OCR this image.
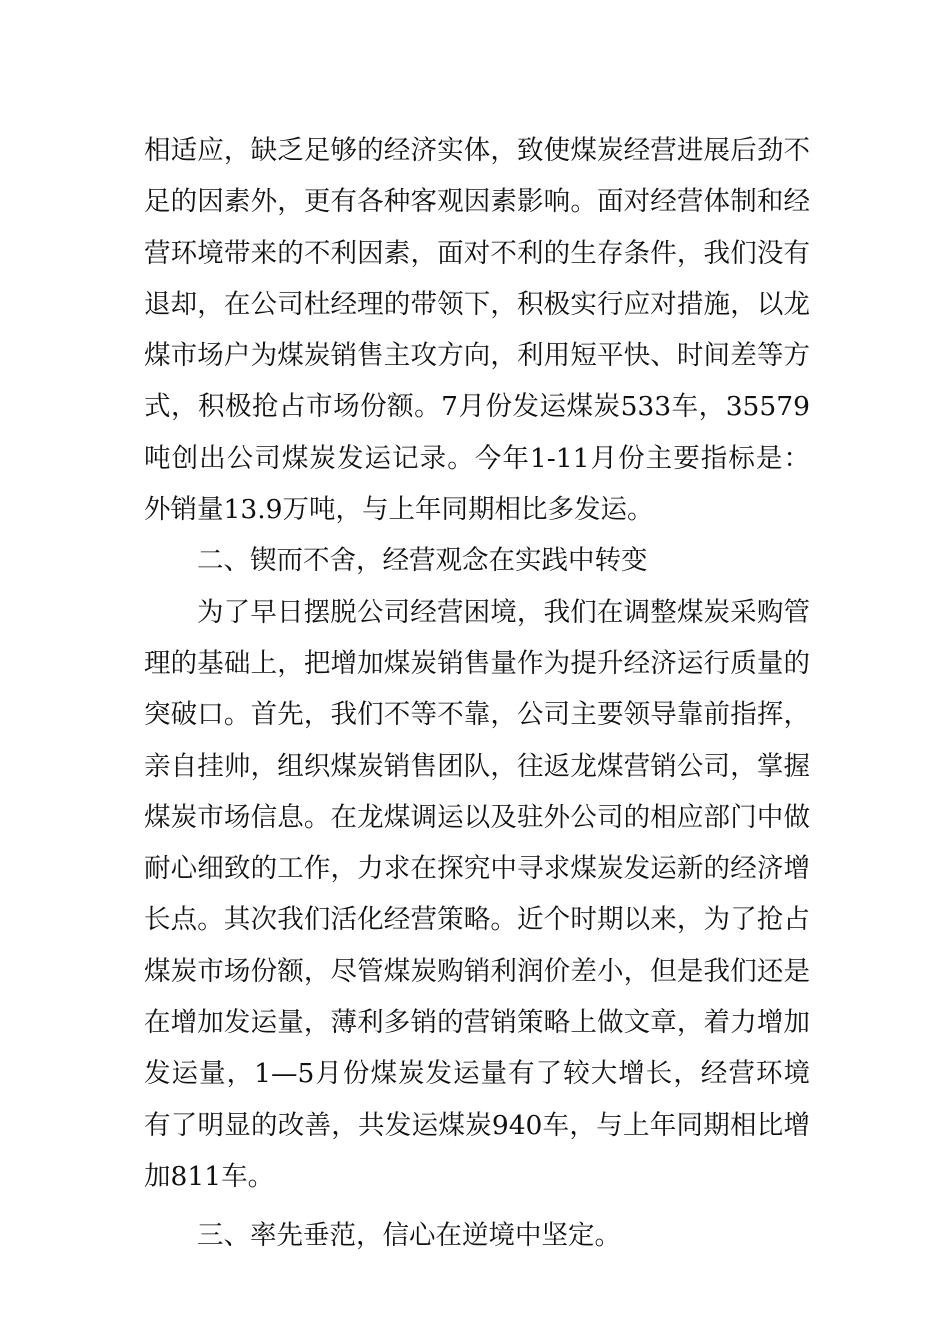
相适应，缺乏足够的经济实体，致使煤炭经营进展后劲不足的因素外，更有各种客观因素影响。面对经营体制和经营环境带来的不利因素，面对不利的生存条件，我们没有退却，在公司杜经理的带领下，积极实行应对措施，以龙煤市场户为煤炭销售主攻方向，利用短平快、时间差等方式，积极抢占市场份额。7月份发运煤炭533车，35579吨创出公司煤炭发运记录。今年1-11月份主要指标是：外销量13.9万吨，与上年同期相比多发运。

二、锲而不舍，经营观念在实践中转变

为了早日摆脱公司经营困境，我们在调整煤炭采购管理的基础上，把增加煤炭销售量作为提升经济运行质量的突破口。首先，我们不等不靠，公司主要领导靠前指挥，亲自挂帅，组织煤炭销售团队，往返龙煤营销公司，掌握煤炭市场信息。在龙煤调运以及驻外公司的相应部门中做耐心细致的工作，力求在探究中寻求煤炭发运新的经济增长点。其次我们活化经营策略。近个时期以来，为了抢占煤炭市场份额，尽管煤炭购销利润价差小，但是我们还是在增加发运量，薄利多销的营销策略上做文章，着力增加发运量，1—5月份煤炭发运量有了较大增长，经营环境有了明显的改善，共发运煤炭940车，与上年同期相比增加811车。

三、率先垂范，信心在逆境中坚定。
